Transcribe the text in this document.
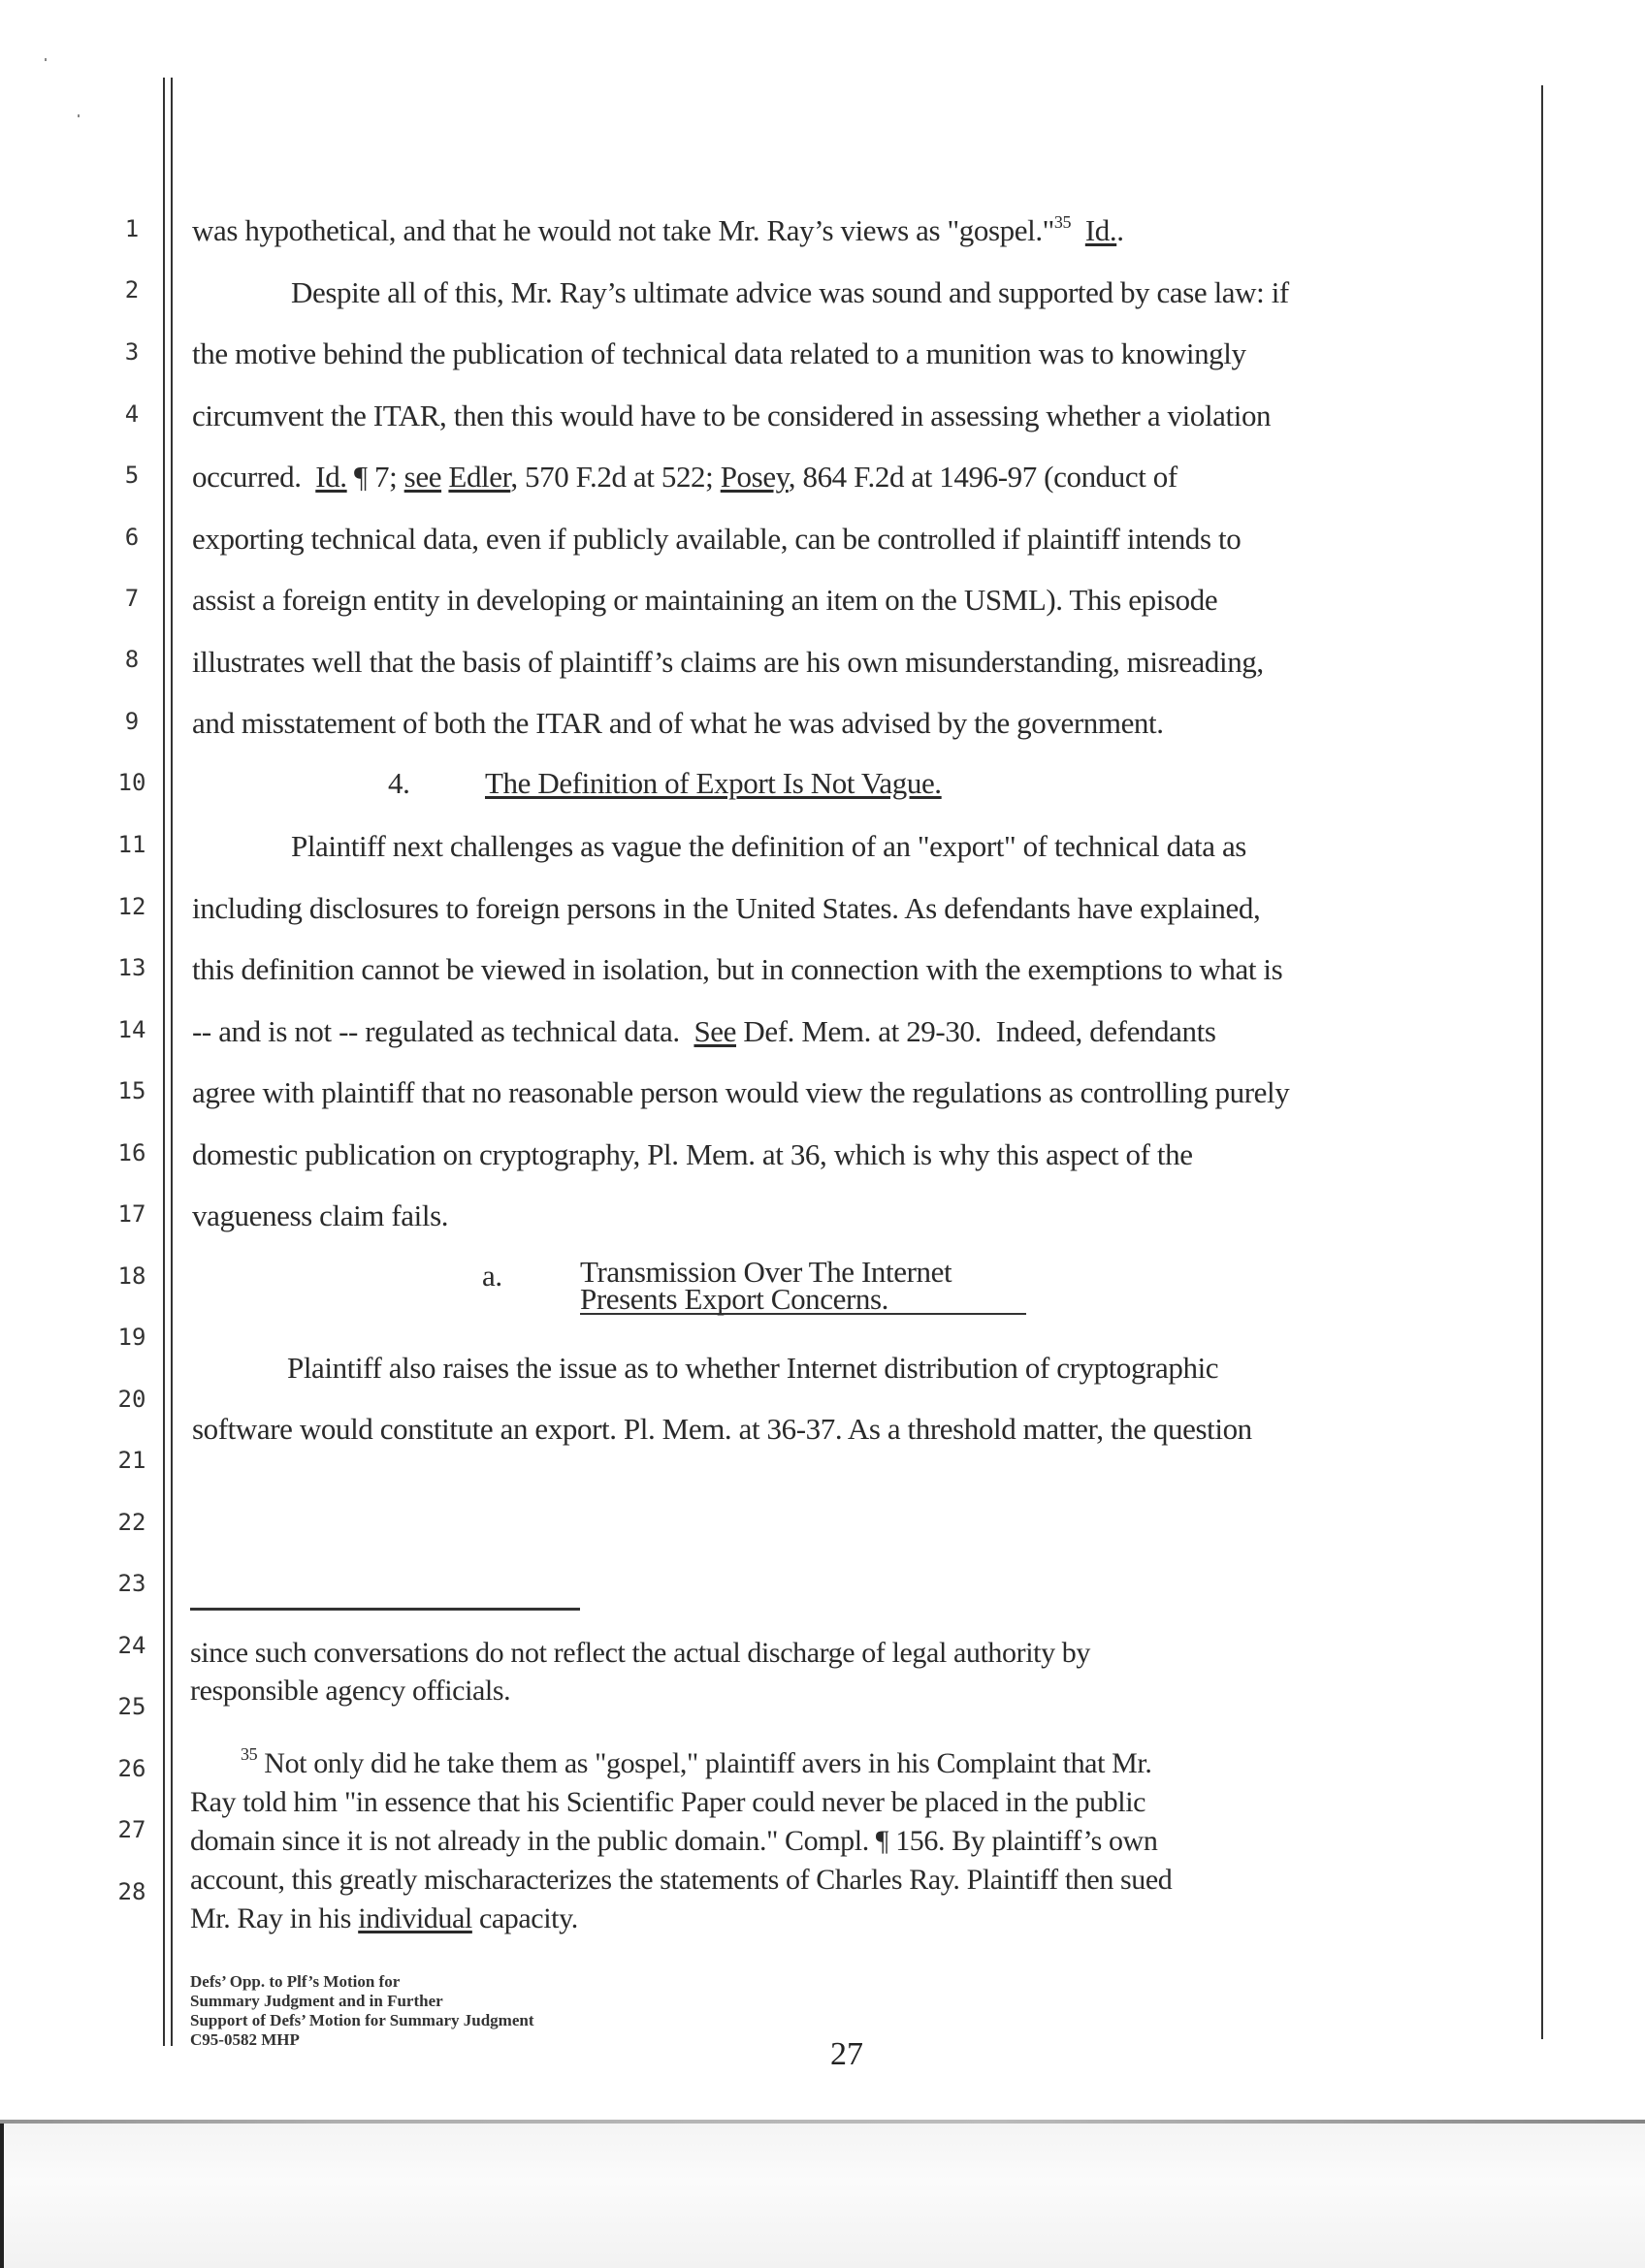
1
2
3
4
5
6
7
8
9
10
11
12
13
14
15
16
17
18
19
20
21
22
23
24
25
26
27
28
was hypothetical, and that he would not take Mr. Ray’s views as "gospel."$^{35}$ Id..
Despite all of this, Mr. Ray’s ultimate advice was sound and supported by case law: if
the motive behind the publication of technical data related to a munition was to knowingly
circumvent the ITAR, then this would have to be considered in assessing whether a violation
occurred.  Id. ¶ 7; see Edler, 570 F.2d at 522; Posey, 864 F.2d at 1496-97 (conduct of
exporting technical data, even if publicly available, can be controlled if plaintiff intends to
assist a foreign entity in developing or maintaining an item on the USML). This episode
illustrates well that the basis of plaintiff’s claims are his own misunderstanding, misreading,
and misstatement of both the ITAR and of what he was advised by the government.
4.	The Definition of Export Is Not Vague.
Plaintiff next challenges as vague the definition of an "export" of technical data as
including disclosures to foreign persons in the United States. As defendants have explained,
this definition cannot be viewed in isolation, but in connection with the exemptions to what is
-- and is not -- regulated as technical data.  See Def. Mem. at 29-30.  Indeed, defendants
agree with plaintiff that no reasonable person would view the regulations as controlling purely
domestic publication on cryptography, Pl. Mem. at 36, which is why this aspect of the
vagueness claim fails.
a.	Transmission Over The Internet
Presents Export Concerns.
Plaintiff also raises the issue as to whether Internet distribution of cryptographic
software would constitute an export. Pl. Mem. at 36-37. As a threshold matter, the question
since such conversations do not reflect the actual discharge of legal authority by
responsible agency officials.
$^{35}$ Not only did he take them as "gospel," plaintiff avers in his Complaint that Mr.
Ray told him "in essence that his Scientific Paper could never be placed in the public
domain since it is not already in the public domain." Compl. ¶ 156. By plaintiff’s own
account, this greatly mischaracterizes the statements of Charles Ray. Plaintiff then sued
Mr. Ray in his individual capacity.
Defs’ Opp. to Plf’s Motion for
Summary Judgment and in Further
Support of Defs’ Motion for Summary Judgment
C95-0582 MHP	27
